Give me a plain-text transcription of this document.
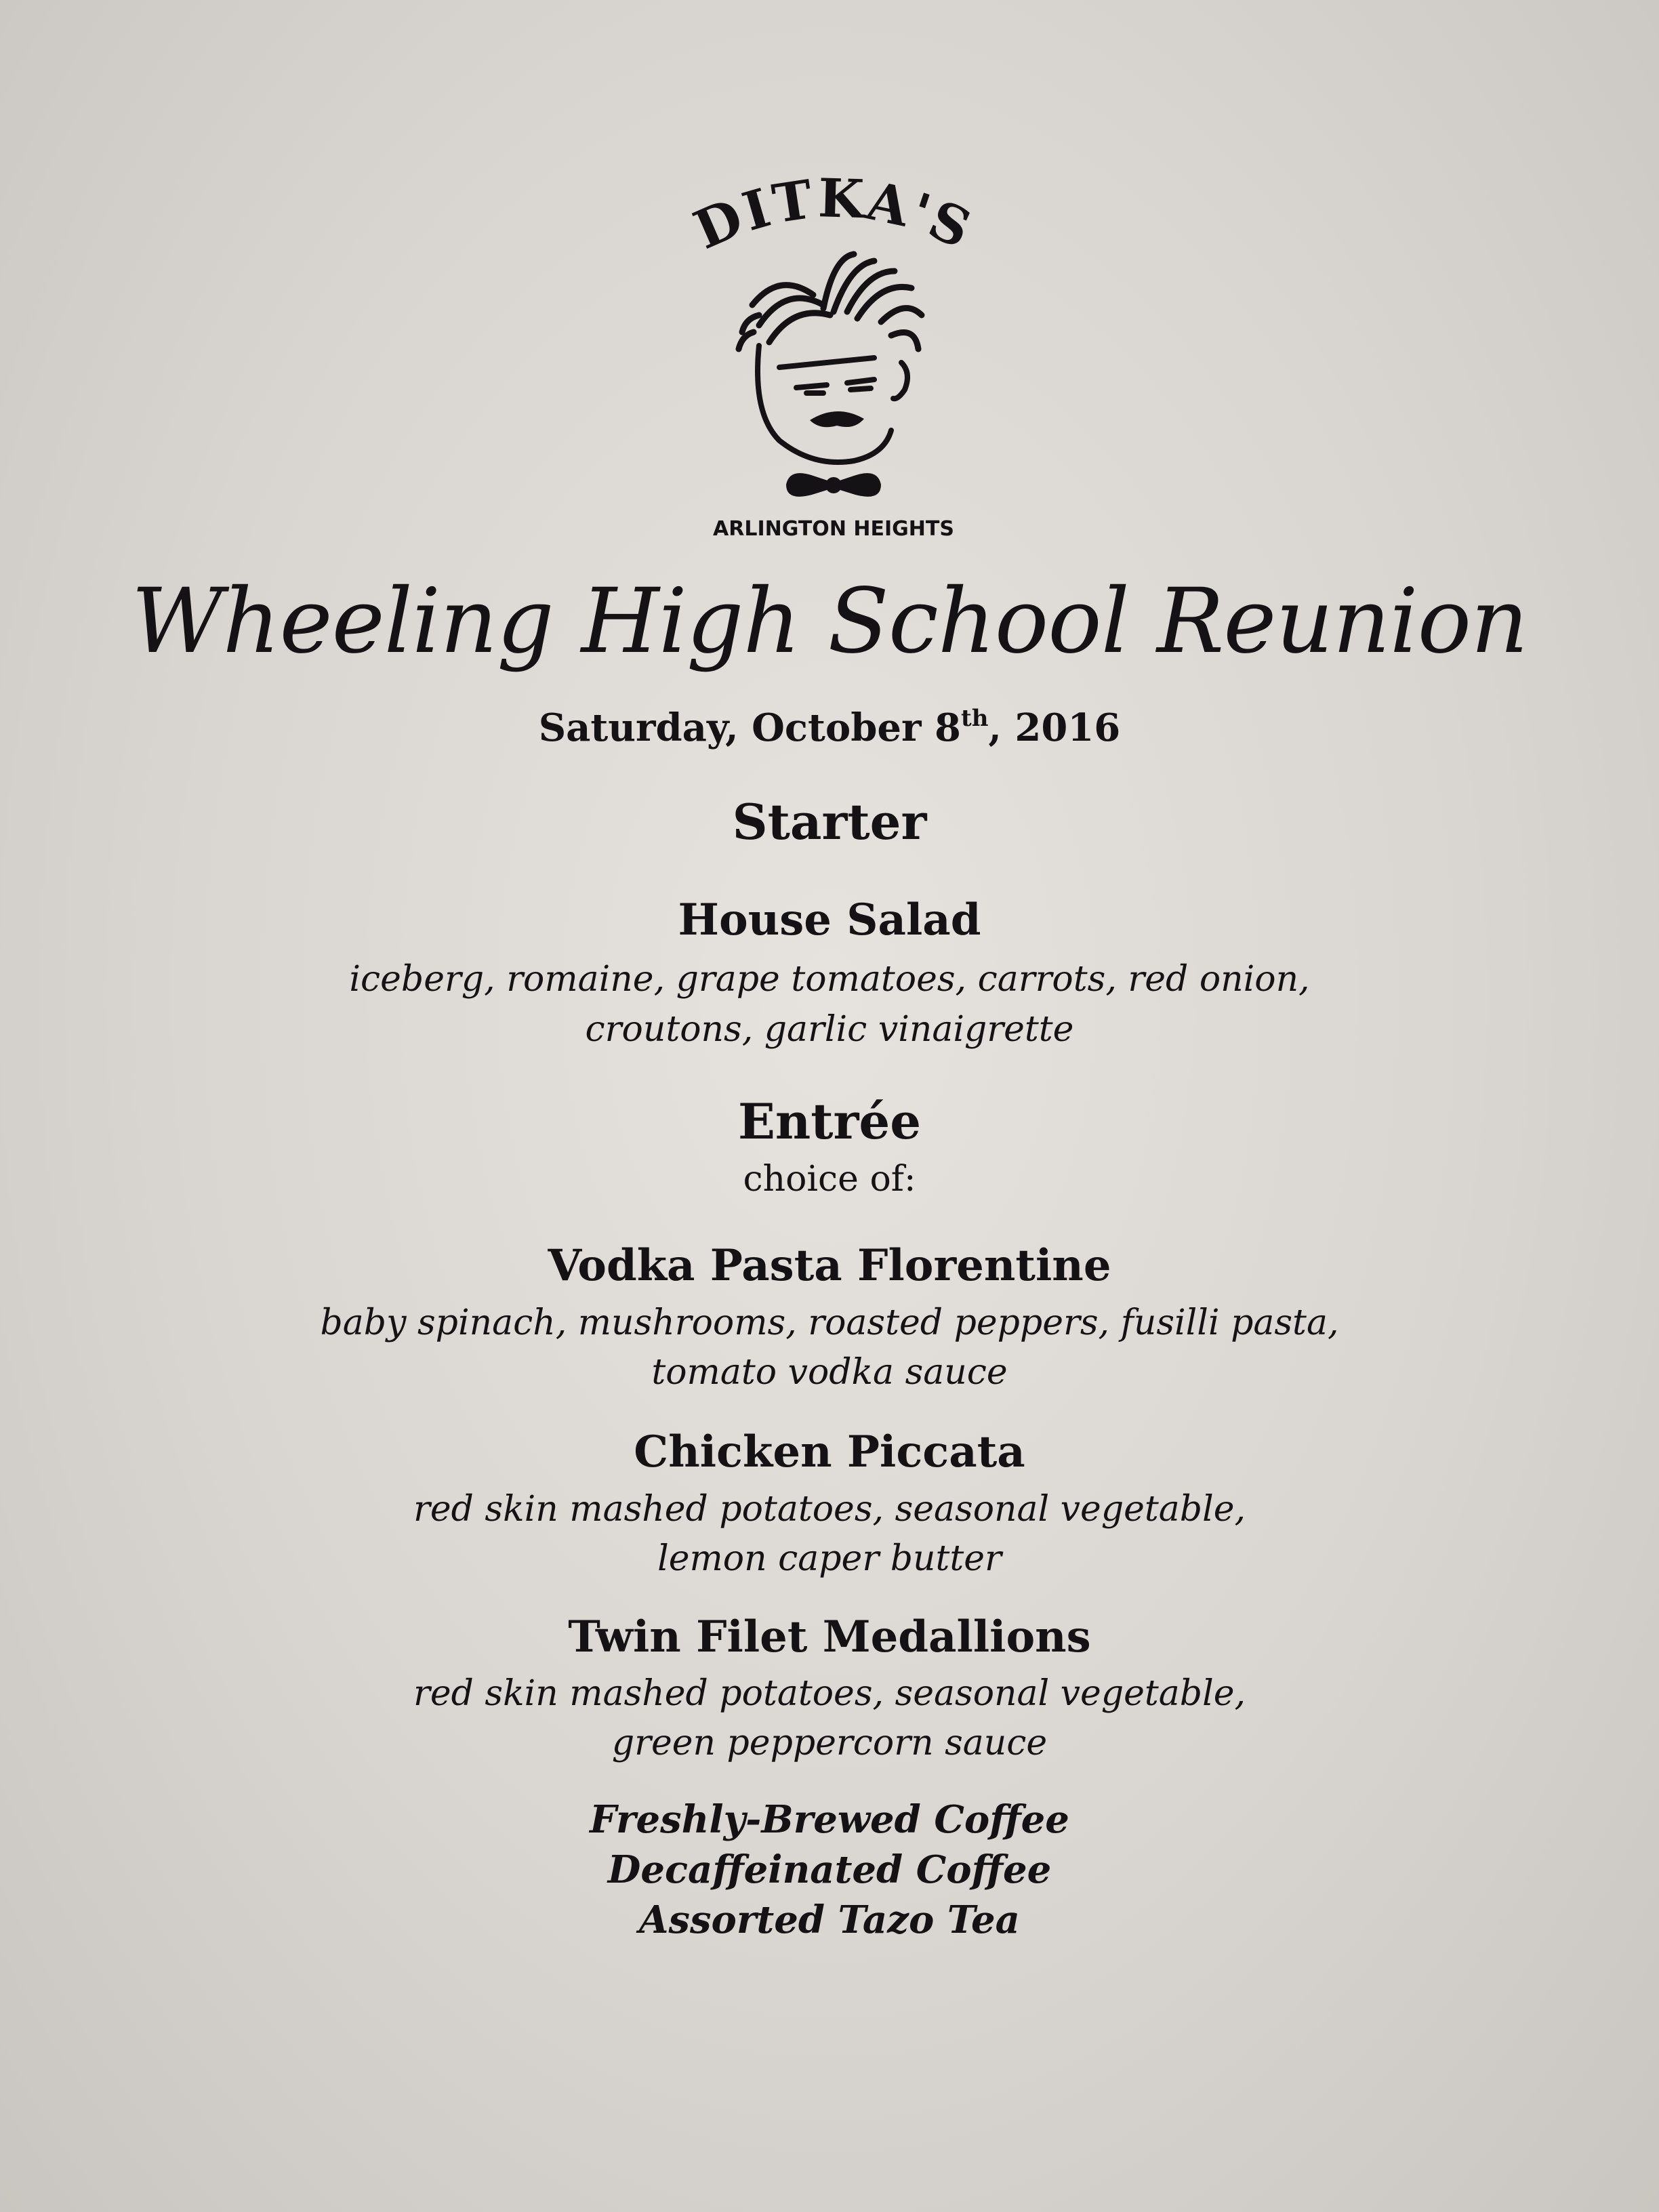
DITKA'S
ARLINGTON HEIGHTS
Wheeling High School Reunion
Saturday, October 8th, 2016
Starter
House Salad
iceberg, romaine, grape tomatoes, carrots, red onion,
croutons, garlic vinaigrette
Entrée
choice of:
Vodka Pasta Florentine
baby spinach, mushrooms, roasted peppers, fusilli pasta,
tomato vodka sauce
Chicken Piccata
red skin mashed potatoes, seasonal vegetable,
lemon caper butter
Twin Filet Medallions
red skin mashed potatoes, seasonal vegetable,
green peppercorn sauce
Freshly-Brewed Coffee
Decaffeinated Coffee
Assorted Tazo Tea
